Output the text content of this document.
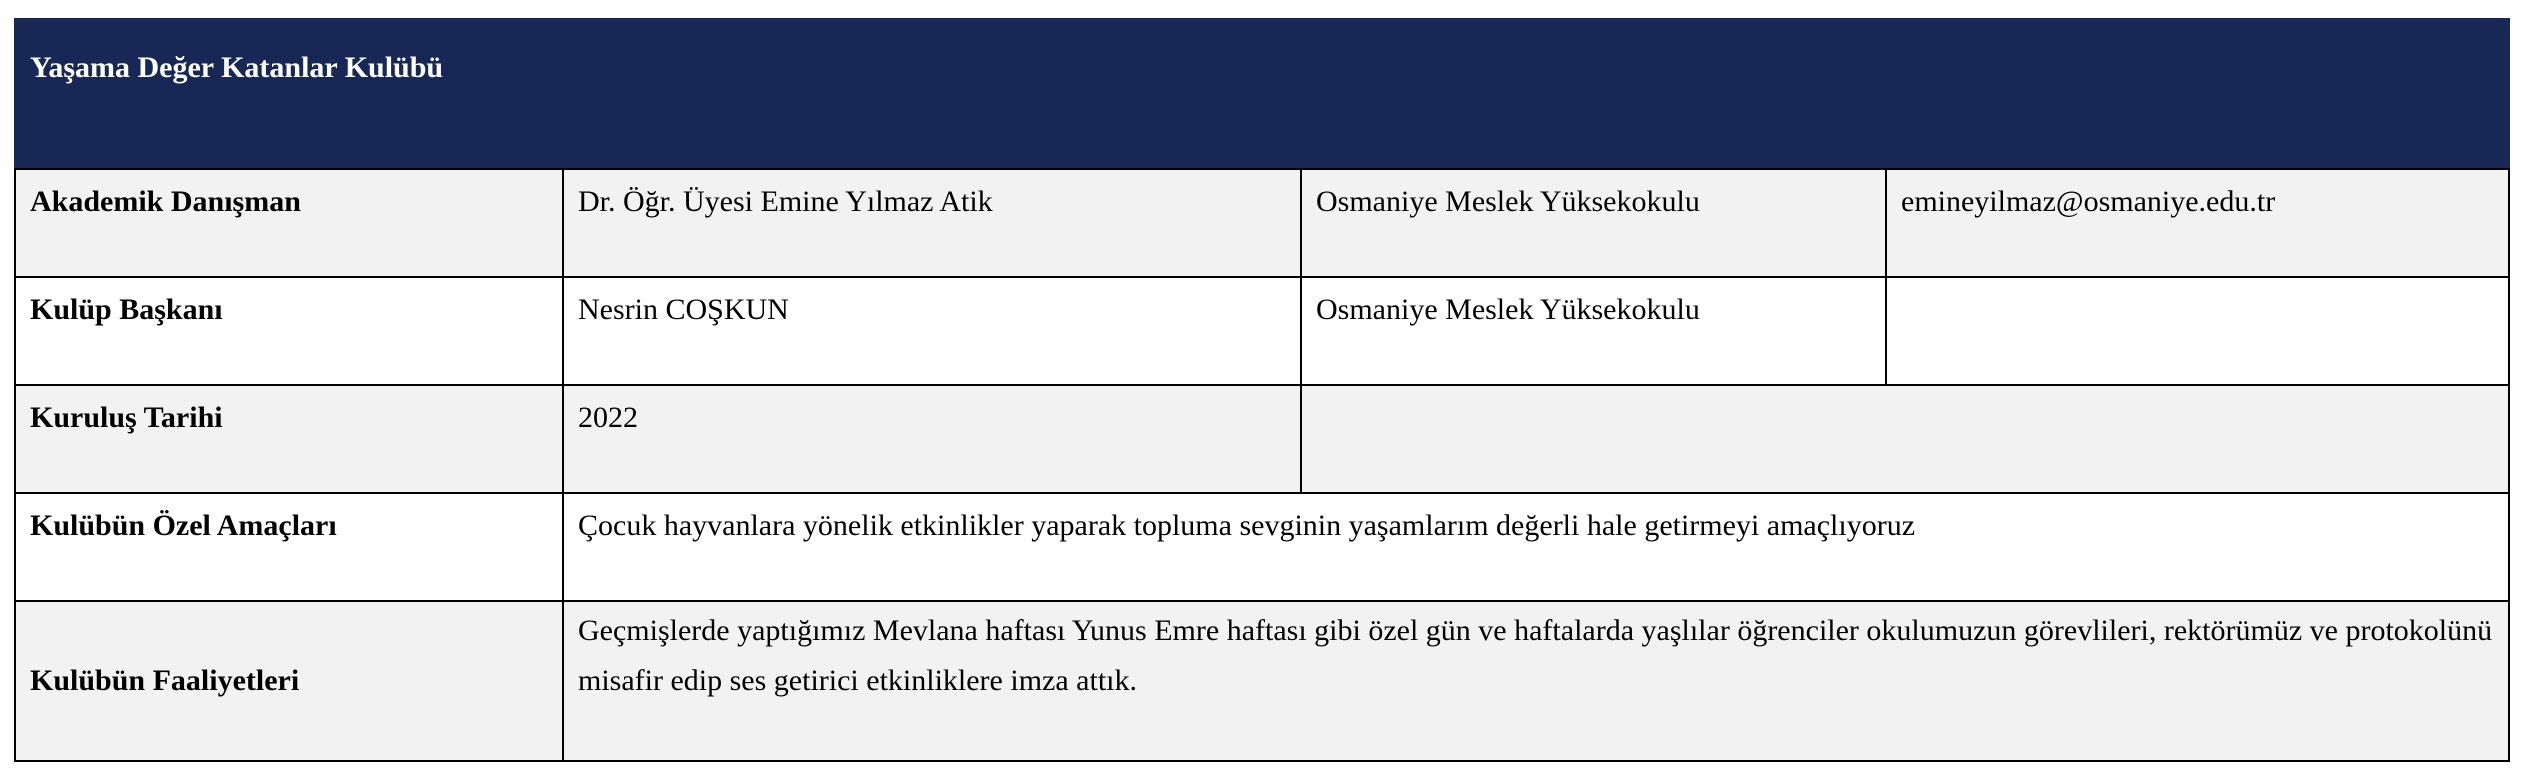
Yaşama Değer Katanlar Kulübü			
Akademik Danışman	Dr. Öğr. Üyesi Emine Yılmaz Atik	Osmaniye Meslek Yüksekokulu	emineyilmaz@osmaniye.edu.tr
Kulüp Başkanı	Nesrin COŞKUN	Osmaniye Meslek Yüksekokulu	
Kuruluş Tarihi	2022		
Kulübün Özel Amaçları	Çocuk hayvanlara yönelik etkinlikler yaparak topluma sevginin yaşamlarım değerli hale getirmeyi amaçlıyoruz		
Kulübün Faaliyetleri	Geçmişlerde yaptığımız Mevlana haftası Yunus Emre haftası gibi özel gün ve haftalarda yaşlılar öğrenciler okulumuzun görevlileri, rektörümüz ve protokolünü misafir edip ses getirici etkinliklere imza attık.		
